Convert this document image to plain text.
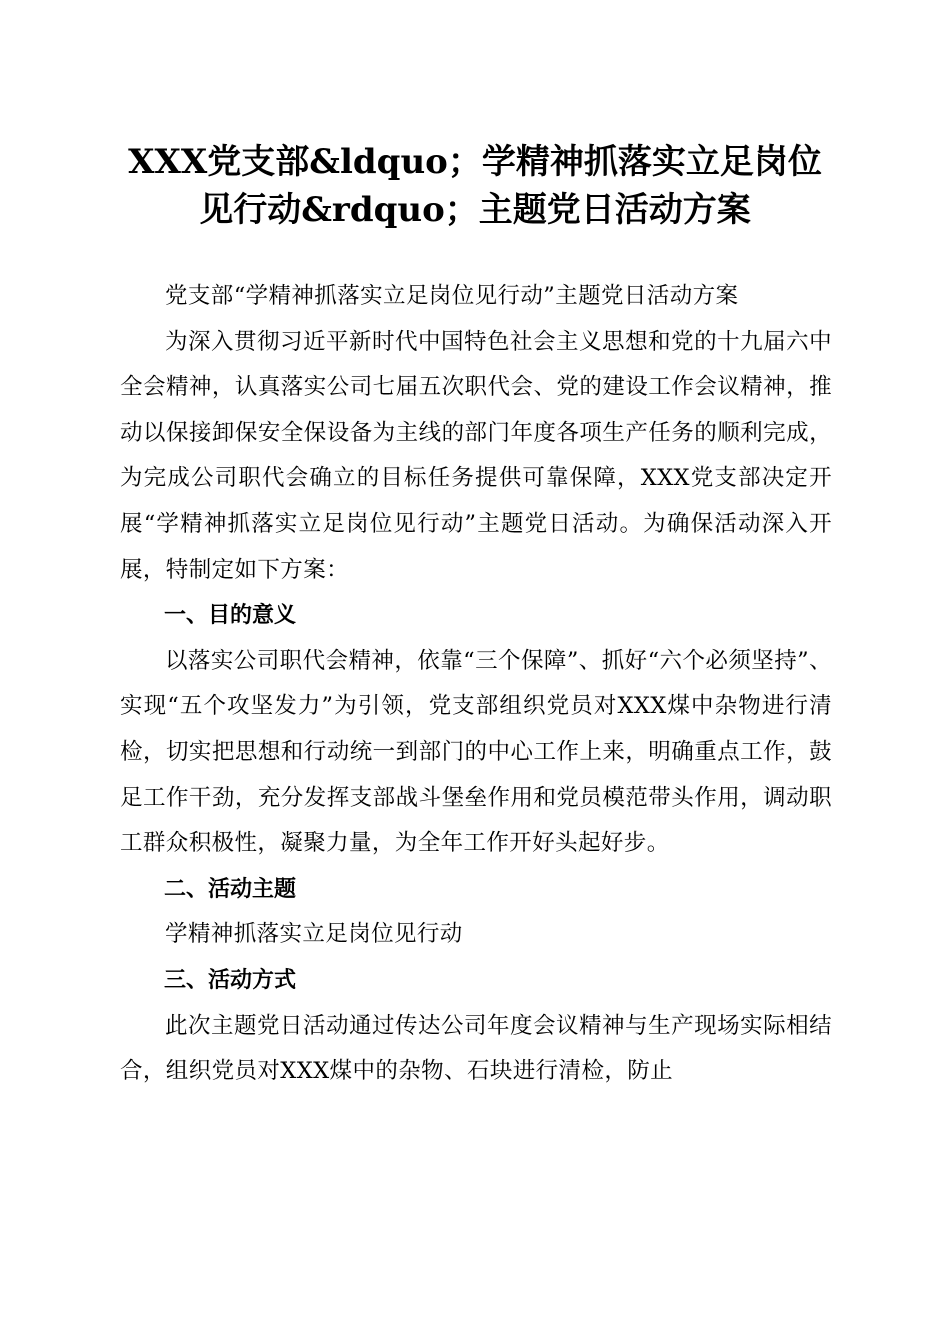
XXX党支部&ldquo；学精神抓落实立足岗位
见行动&rdquo；主题党日活动方案

党支部“学精神抓落实立足岗位见行动”主题党日活动方案

为深入贯彻习近平新时代中国特色社会主义思想和党的十九届六中全会精神，认真落实公司七届五次职代会、党的建设工作会议精神，推动以保接卸保安全保设备为主线的部门年度各项生产任务的顺利完成，为完成公司职代会确立的目标任务提供可靠保障，XXX党支部决定开展“学精神抓落实立足岗位见行动”主题党日活动。为确保活动深入开展，特制定如下方案：

一、目的意义

以落实公司职代会精神，依靠“三个保障”、抓好“六个必须坚持”、实现“五个攻坚发力”为引领，党支部组织党员对XXX煤中杂物进行清检，切实把思想和行动统一到部门的中心工作上来，明确重点工作，鼓足工作干劲，充分发挥支部战斗堡垒作用和党员模范带头作用，调动职工群众积极性，凝聚力量，为全年工作开好头起好步。

二、活动主题

学精神抓落实立足岗位见行动

三、活动方式

此次主题党日活动通过传达公司年度会议精神与生产现场实际相结合，组织党员对XXX煤中的杂物、石块进行清检，防止
